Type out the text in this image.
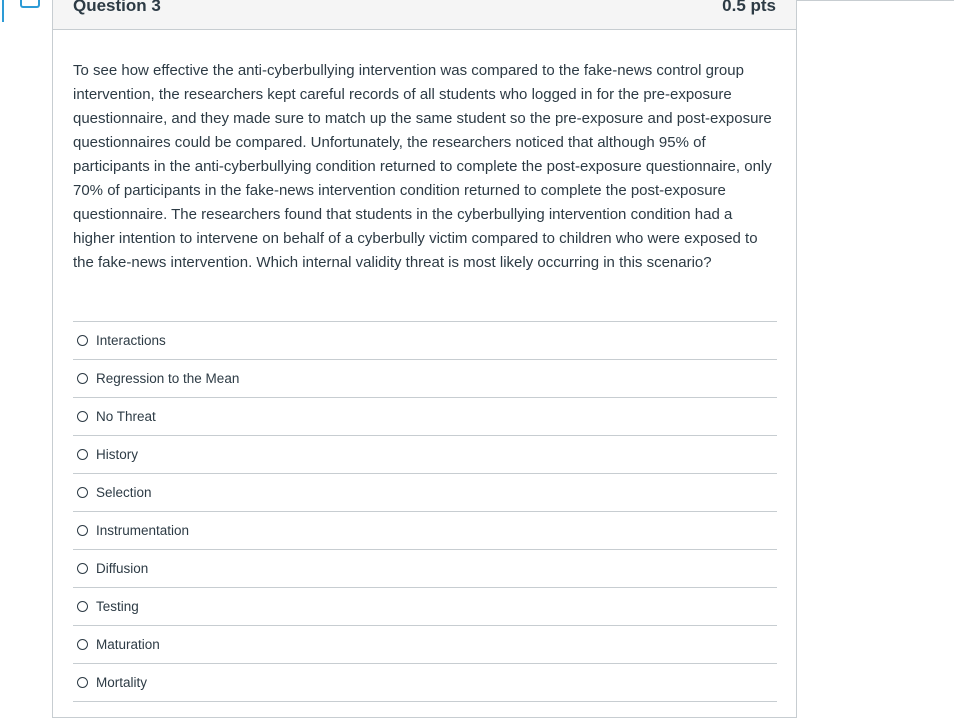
Question 3	0.5 pts
To see how effective the anti-cyberbullying intervention was compared to the fake-news control group intervention, the researchers kept careful records of all students who logged in for the pre-exposure questionnaire, and they made sure to match up the same student so the pre-exposure and post-exposure questionnaires could be compared. Unfortunately, the researchers noticed that although 95% of participants in the anti-cyberbullying condition returned to complete the post-exposure questionnaire, only 70% of participants in the fake-news intervention condition returned to complete the post-exposure questionnaire. The researchers found that students in the cyberbullying intervention condition had a higher intention to intervene on behalf of a cyberbully victim compared to children who were exposed to the fake-news intervention. Which internal validity threat is most likely occurring in this scenario?
Interactions
Regression to the Mean
No Threat
History
Selection
Instrumentation
Diffusion
Testing
Maturation
Mortality
